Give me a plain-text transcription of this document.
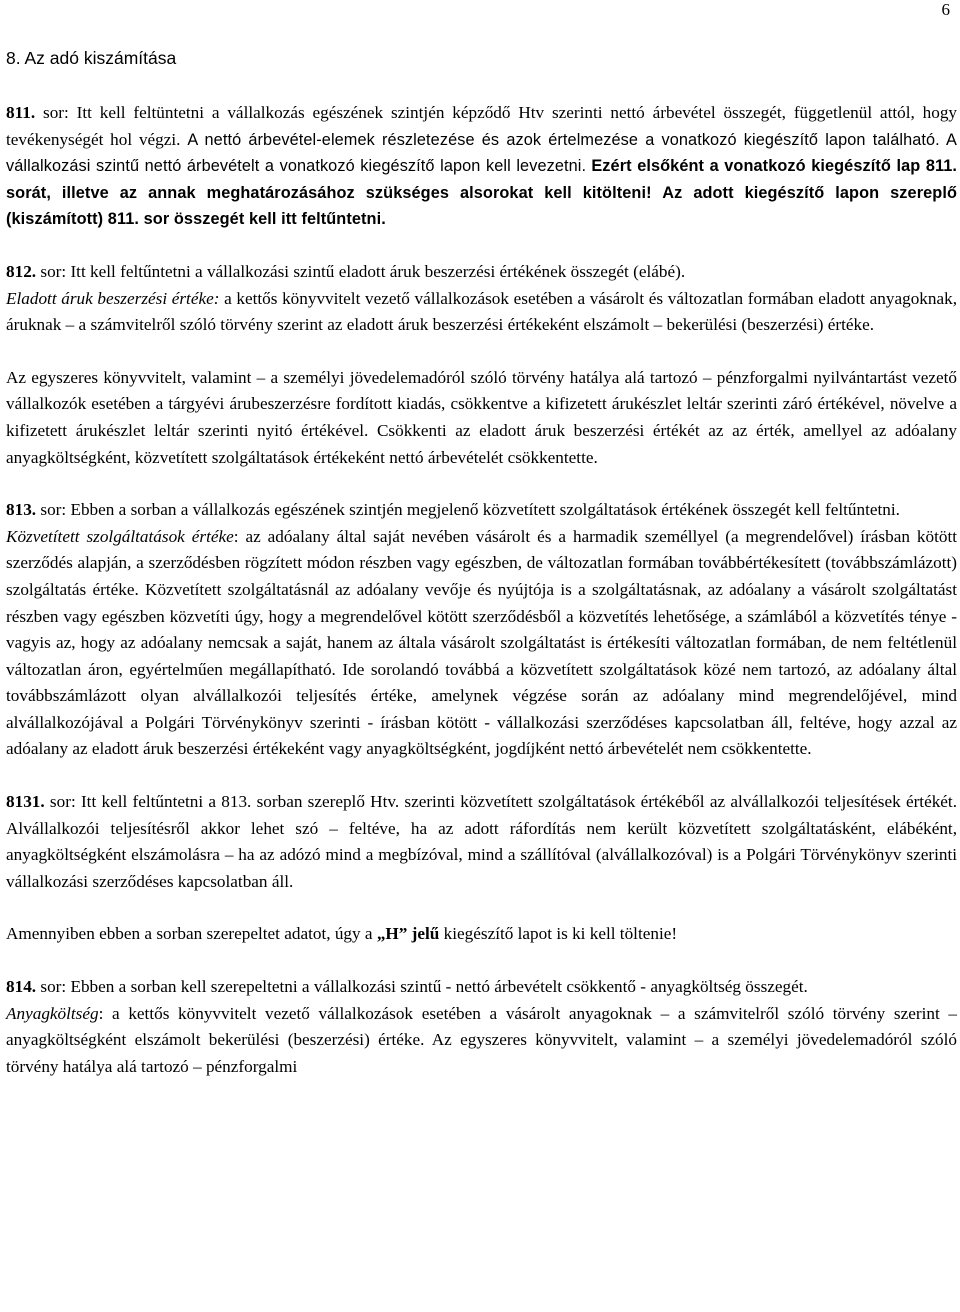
6
8. Az adó kiszámítása

811. sor: Itt kell feltüntetni a vállalkozás egészének szintjén képződő Htv szerinti nettó árbevétel összegét, függetlenül attól, hogy tevékenységét hol végzi. A nettó árbevétel-elemek részletezése és azok értelmezése a vonatkozó kiegészítő lapon található. A vállalkozási szintű nettó árbevételt a vonatkozó kiegészítő lapon kell levezetni. Ezért elsőként a vonatkozó kiegészítő lap 811. sorát, illetve az annak meghatározásához szükséges alsorokat kell kitölteni! Az adott kiegészítő lapon szereplő (kiszámított) 811. sor összegét kell itt feltűntetni.

812. sor: Itt kell feltűntetni a vállalkozási szintű eladott áruk beszerzési értékének összegét (elábé).

Eladott áruk beszerzési értéke: a kettős könyvvitelt vezető vállalkozások esetében a vásárolt és változatlan formában eladott anyagoknak, áruknak – a számvitelről szóló törvény szerint az eladott áruk beszerzési értékeként elszámolt – bekerülési (beszerzési) értéke.

Az egyszeres könyvvitelt, valamint – a személyi jövedelemadóról szóló törvény hatálya alá tartozó – pénzforgalmi nyilvántartást vezető vállalkozók esetében a tárgyévi árubeszerzésre fordított kiadás, csökkentve a kifizetett árukészlet leltár szerinti záró értékével, növelve a kifizetett árukészlet leltár szerinti nyitó értékével. Csökkenti az eladott áruk beszerzési értékét az az érték, amellyel az adóalany anyagköltségként, közvetített szolgáltatások értékeként nettó árbevételét csökkentette.

813. sor: Ebben a sorban a vállalkozás egészének szintjén megjelenő közvetített szolgáltatások értékének összegét kell feltűntetni.

Közvetített szolgáltatások értéke: az adóalany által saját nevében vásárolt és a harmadik személlyel (a megrendelővel) írásban kötött szerződés alapján, a szerződésben rögzített módon részben vagy egészben, de változatlan formában továbbértékesített (továbbszámlázott) szolgáltatás értéke. Közvetített szolgáltatásnál az adóalany vevője és nyújtója is a szolgáltatásnak, az adóalany a vásárolt szolgáltatást részben vagy egészben közvetíti úgy, hogy a megrendelővel kötött szerződésből a közvetítés lehetősége, a számlából a közvetítés ténye - vagyis az, hogy az adóalany nemcsak a saját, hanem az általa vásárolt szolgáltatást is értékesíti változatlan formában, de nem feltétlenül változatlan áron, egyértelműen megállapítható. Ide sorolandó továbbá a közvetített szolgáltatások közé nem tartozó, az adóalany által továbbszámlázott olyan alvállalkozói teljesítés értéke, amelynek végzése során az adóalany mind megrendelőjével, mind alvállalkozójával a Polgári Törvénykönyv szerinti - írásban kötött - vállalkozási szerződéses kapcsolatban áll, feltéve, hogy azzal az adóalany az eladott áruk beszerzési értékeként vagy anyagköltségként, jogdíjként nettó árbevételét nem csökkentette.

8131. sor: Itt kell feltűntetni a 813. sorban szereplő Htv. szerinti közvetített szolgáltatások értékéből az alvállalkozói teljesítések értékét. Alvállalkozói teljesítésről akkor lehet szó – feltéve, ha az adott ráfordítás nem került közvetített szolgáltatásként, elábéként, anyagköltségként elszámolásra – ha az adózó mind a megbízóval, mind a szállítóval (alvállalkozóval) is a Polgári Törvénykönyv szerinti vállalkozási szerződéses kapcsolatban áll.

Amennyiben ebben a sorban szerepeltet adatot, úgy a „H” jelű kiegészítő lapot is ki kell töltenie!

814. sor: Ebben a sorban kell szerepeltetni a vállalkozási szintű - nettó árbevételt csökkentő - anyagköltség összegét.

Anyagköltség: a kettős könyvvitelt vezető vállalkozások esetében a vásárolt anyagoknak – a számvitelről szóló törvény szerint – anyagköltségként elszámolt bekerülési (beszerzési) értéke. Az egyszeres könyvvitelt, valamint – a személyi jövedelemadóról szóló törvény hatálya alá tartozó – pénzforgalmi
